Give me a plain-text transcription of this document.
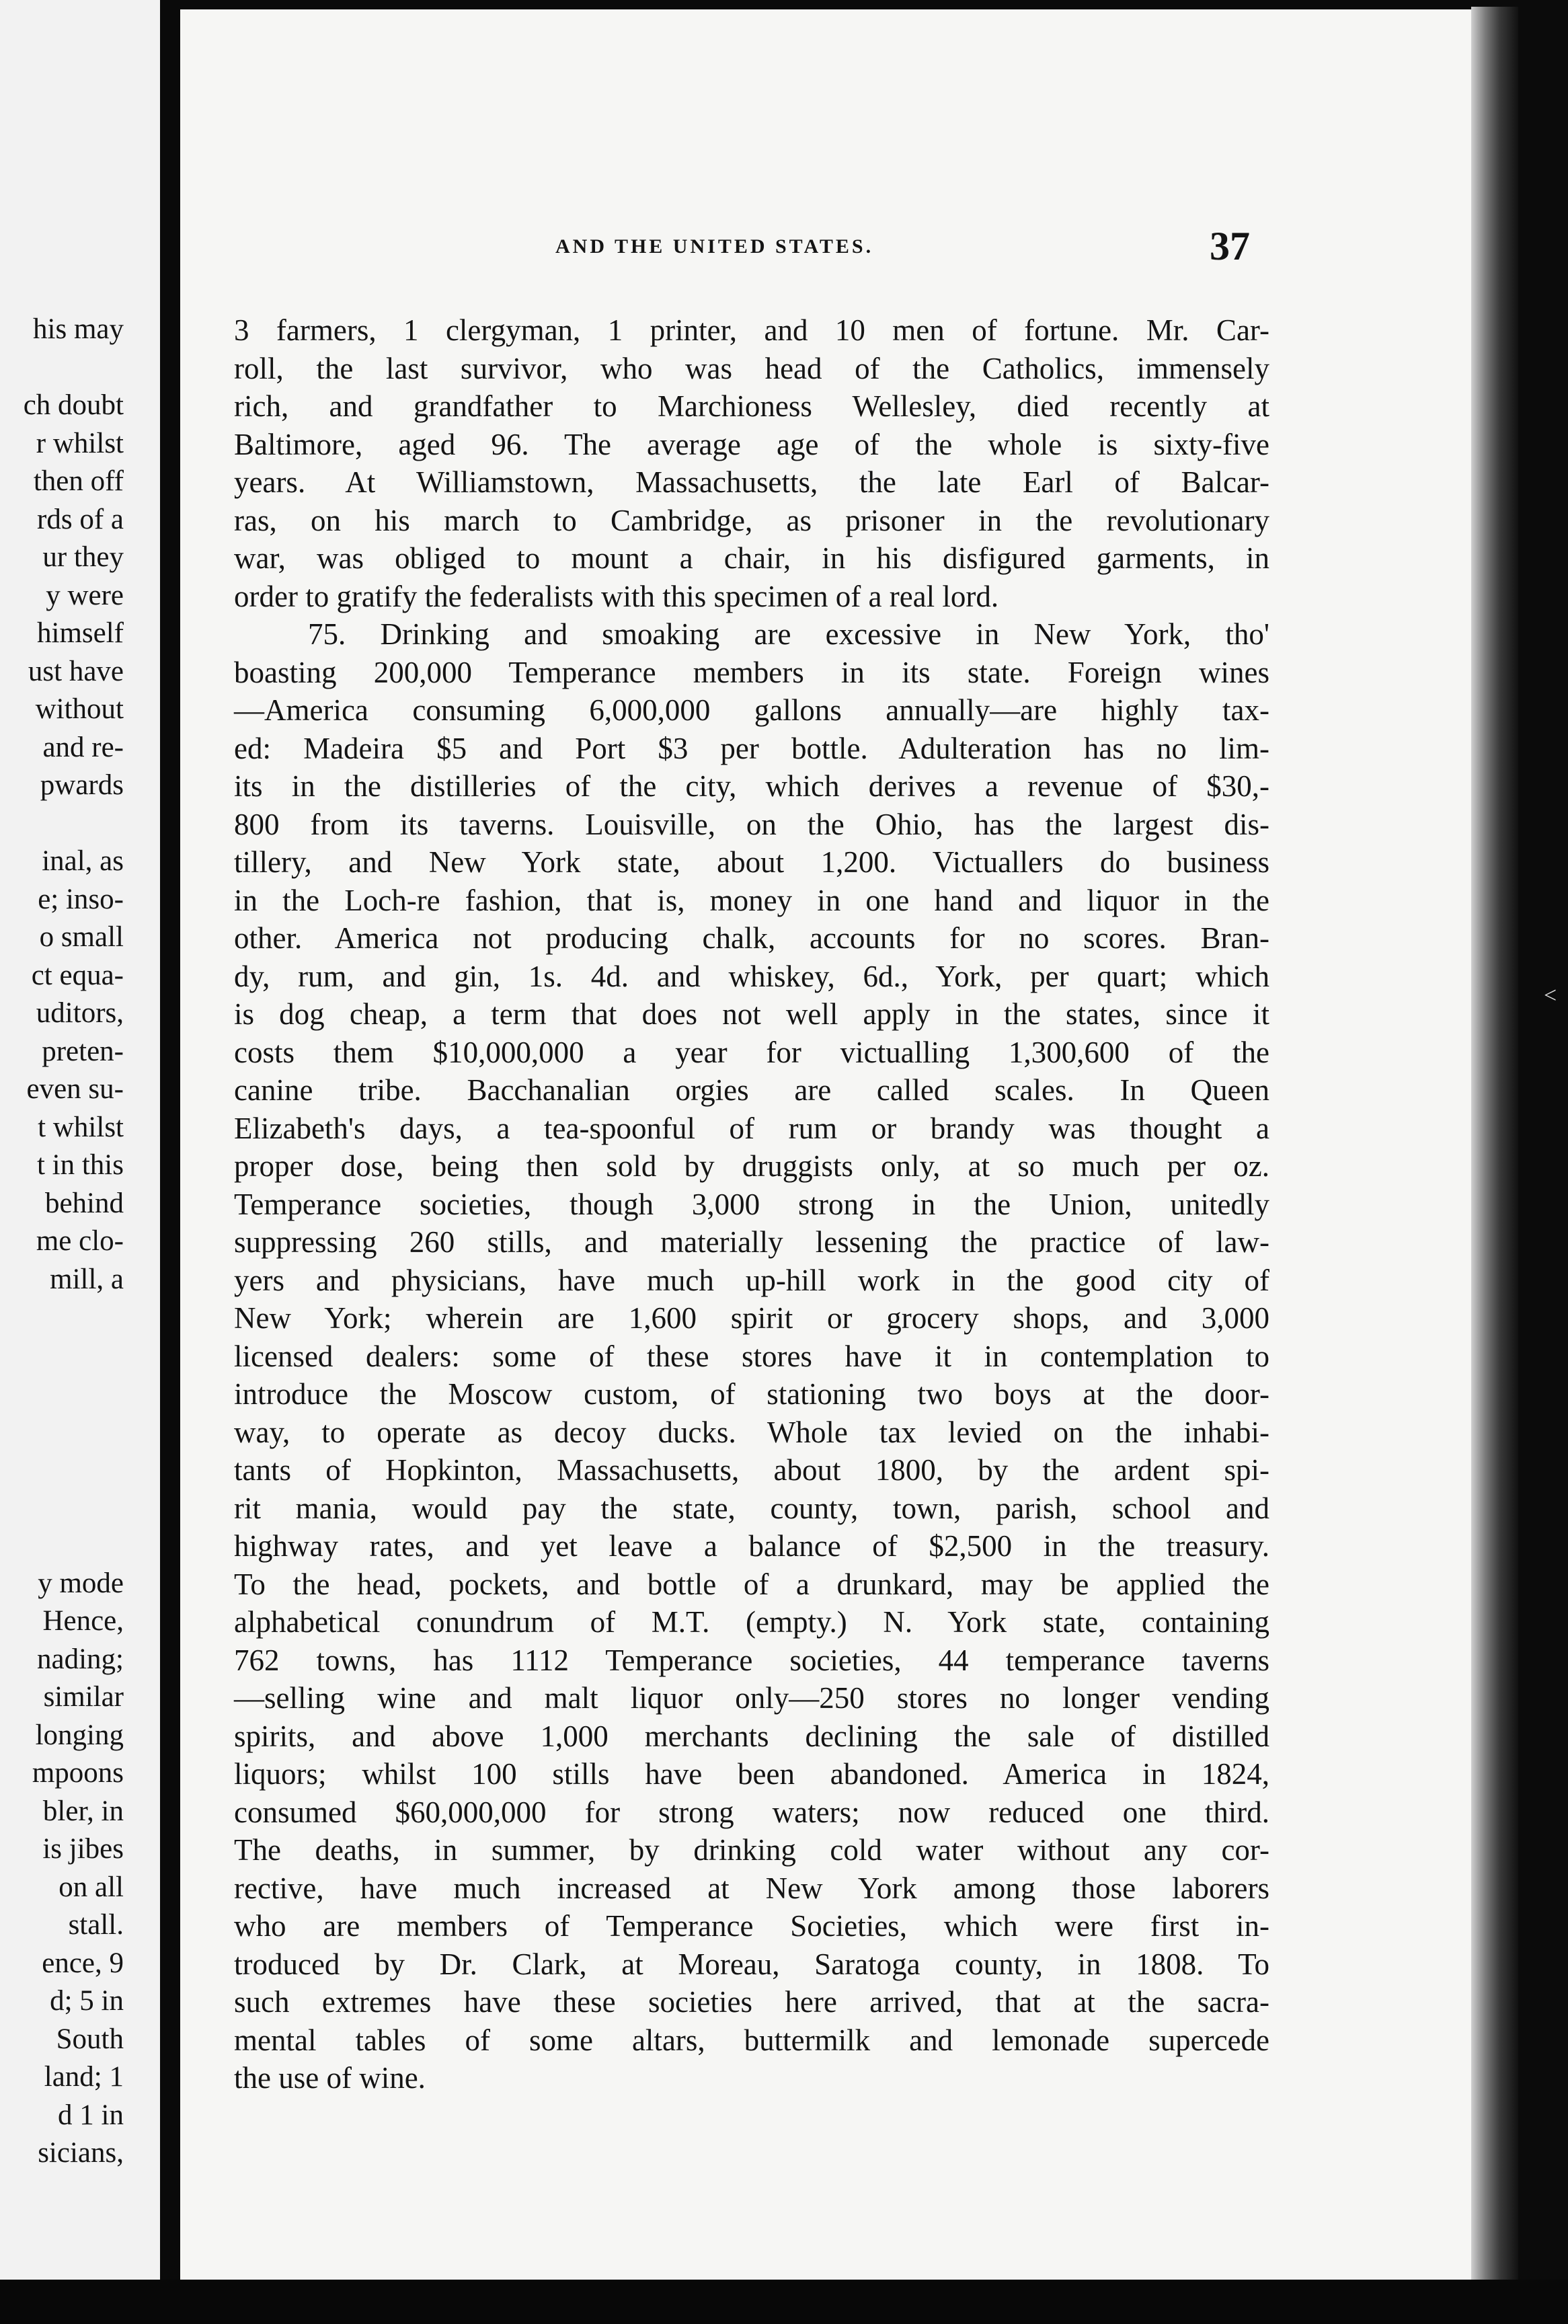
his may
ch doubt
r whilst
then off
rds of a
ur they
y were
himself
ust have
without
and re-
pwards
inal, as
e; inso-
o small
ct equa-
uditors,
preten-
even su-
t whilst
t in this
behind
me clo-
mill, a
y mode
Hence,
nading;
similar
longing
mpoons
bler, in
is jibes
on all
stall.
ence, 9
d; 5 in
South
land; 1
d 1 in
sicians,
AND THE UNITED STATES.	37
3 farmers, 1 clergyman, 1 printer, and 10 men of fortune. Mr. Car-
roll, the last survivor, who was head of the Catholics, immensely
rich, and grandfather to Marchioness Wellesley, died recently at
Baltimore, aged 96. The average age of the whole is sixty-five
years. At Williamstown, Massachusetts, the late Earl of Balcar-
ras, on his march to Cambridge, as prisoner in the revolutionary
war, was obliged to mount a chair, in his disfigured garments, in
order to gratify the federalists with this specimen of a real lord.
75. Drinking and smoaking are excessive in New York, tho'
boasting 200,000 Temperance members in its state. Foreign wines
—America consuming 6,000,000 gallons annually—are highly tax-
ed: Madeira $5 and Port $3 per bottle. Adulteration has no lim-
its in the distilleries of the city, which derives a revenue of $30,-
800 from its taverns. Louisville, on the Ohio, has the largest dis-
tillery, and New York state, about 1,200. Victuallers do business
in the Loch-re fashion, that is, money in one hand and liquor in the
other. America not producing chalk, accounts for no scores. Bran-
dy, rum, and gin, 1s. 4d. and whiskey, 6d., York, per quart; which
is dog cheap, a term that does not well apply in the states, since it
costs them $10,000,000 a year for victualling 1,300,600 of the
canine tribe. Bacchanalian orgies are called scales. In Queen
Elizabeth's days, a tea-spoonful of rum or brandy was thought a
proper dose, being then sold by druggists only, at so much per oz.
Temperance societies, though 3,000 strong in the Union, unitedly
suppressing 260 stills, and materially lessening the practice of law-
yers and physicians, have much up-hill work in the good city of
New York; wherein are 1,600 spirit or grocery shops, and 3,000
licensed dealers: some of these stores have it in contemplation to
introduce the Moscow custom, of stationing two boys at the door-
way, to operate as decoy ducks. Whole tax levied on the inhabi-
tants of Hopkinton, Massachusetts, about 1800, by the ardent spi-
rit mania, would pay the state, county, town, parish, school and
highway rates, and yet leave a balance of $2,500 in the treasury.
To the head, pockets, and bottle of a drunkard, may be applied the
alphabetical conundrum of M.T. (empty.) N. York state, containing
762 towns, has 1112 Temperance societies, 44 temperance taverns
—selling wine and malt liquor only—250 stores no longer vending
spirits, and above 1,000 merchants declining the sale of distilled
liquors; whilst 100 stills have been abandoned. America in 1824,
consumed $60,000,000 for strong waters; now reduced one third.
The deaths, in summer, by drinking cold water without any cor-
rective, have much increased at New York among those laborers
who are members of Temperance Societies, which were first in-
troduced by Dr. Clark, at Moreau, Saratoga county, in 1808. To
such extremes have these societies here arrived, that at the sacra-
mental tables of some altars, buttermilk and lemonade supercede
the use of wine.
<
